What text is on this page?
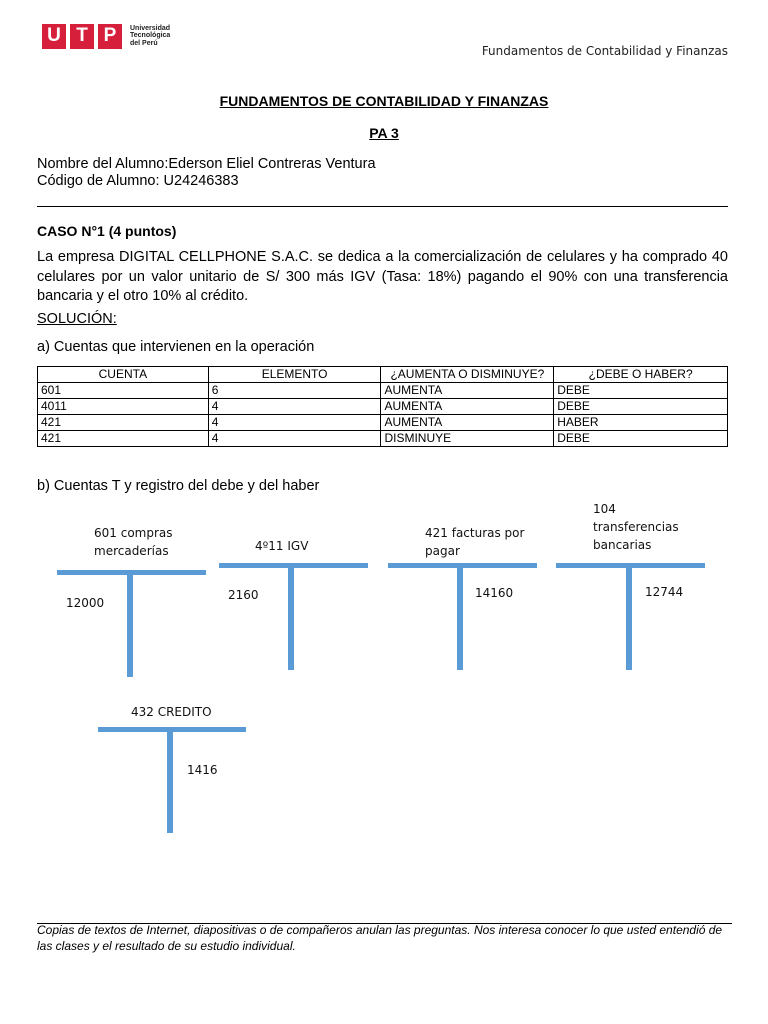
U T P	Universidad Tecnológica del Perú
Fundamentos de Contabilidad y Finanzas
FUNDAMENTOS DE CONTABILIDAD Y FINANZAS
PA 3
Nombre del Alumno:Ederson Eliel Contreras Ventura
Código de Alumno: U24246383
CASO N°1 (4 puntos)
La empresa DIGITAL CELLPHONE S.A.C. se dedica a la comercialización de celulares y ha comprado 40 celulares por un valor unitario de S/ 300 más IGV (Tasa: 18%) pagando el 90% con una transferencia bancaria y el otro 10% al crédito.
SOLUCIÓN:
a) Cuentas que intervienen en la operación
CUENTA	ELEMENTO	¿AUMENTA O DISMINUYE?	¿DEBE O HABER?
601	6	AUMENTA	DEBE
4011	4	AUMENTA	DEBE
421	4	AUMENTA	HABER
421	4	DISMINUYE	DEBE
b) Cuentas T y registro del debe y del haber
601 compras
mercaderías
12000
4º11 IGV
2160
421 facturas por
pagar
14160
104
transferencias
bancarias
12744
432 CREDITO
1416
Copias de textos de Internet, diapositivas o de compañeros anulan las preguntas. Nos interesa conocer lo que usted entendió de las clases y el resultado de su estudio individual.
